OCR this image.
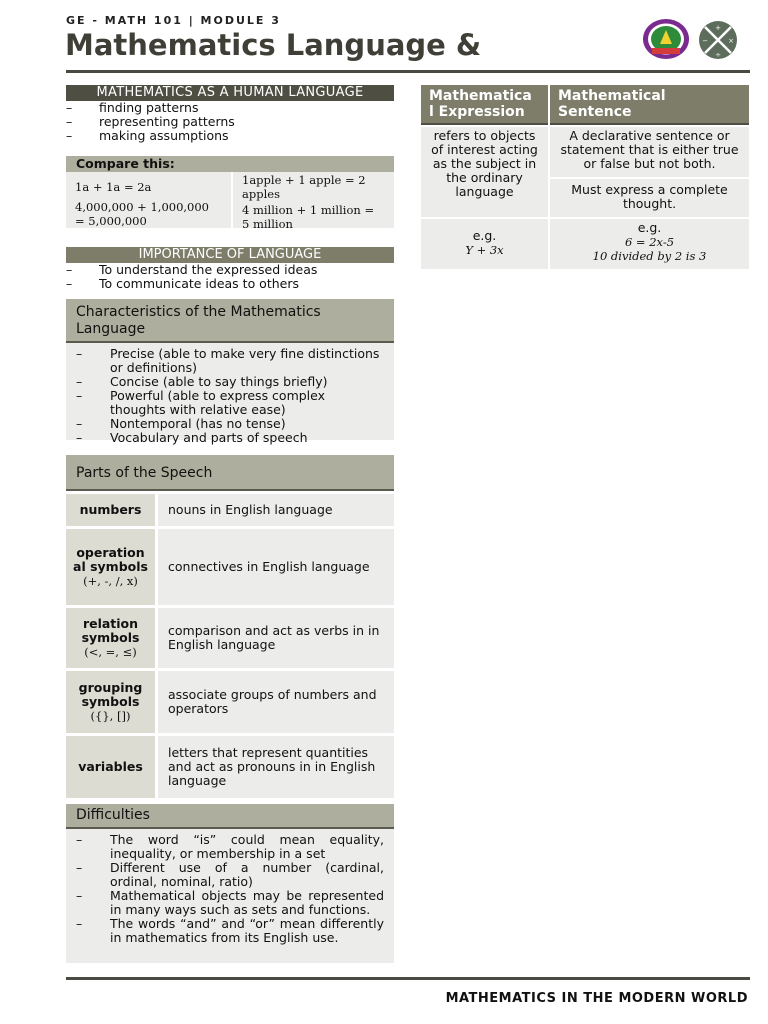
GE - MATH 101 | MODULE 3
Mathematics Language &	+
×
−
÷
MATHEMATICS AS A HUMAN LANGUAGE
– finding patterns
– representing patterns
– making assumptions
Compare this:

1a + 1a = 2a

4,000,000 + 1,000,000 = 5,000,000

1apple + 1 apple = 2 apples

4 million + 1 million = 5 million

IMPORTANCE OF LANGUAGE
– To understand the expressed ideas
– To communicate ideas to others
Characteristics of the Mathematics Language
– Precise (able to make very fine distinctions or definitions)
– Concise (able to say things briefly)
– Powerful (able to express complex thoughts with relative ease)
– Nontemporal (has no tense)
– Vocabulary and parts of speech
Parts of the Speech
numbers	nouns in English language
operation al symbols
(+, -, /, x)
connectives in English language
relation symbols
(<, =, ≤)
comparison and act as verbs in in English language
grouping symbols
({}, [])
associate groups of numbers and operators
variables
letters that represent quantities and act as pronouns in in English language
Difficulties
– The word “is” could mean equality, inequality, or membership in a set
– Different use of a number (cardinal, ordinal, nominal, ratio)
– Mathematical objects may be represented in many ways such as sets and functions.
– The words “and” and “or” mean differently in mathematics from its English use.
Mathematica l Expression
Mathematical Sentence
refers to objects of interest acting as the subject in the ordinary language
A declarative sentence or statement that is either true or false but not both.
Must express a complete thought.
e.g.
Y + 3x
e.g.
6 = 2x-5
10 divided by 2 is 3
MATHEMATICS IN THE MODERN WORLD
